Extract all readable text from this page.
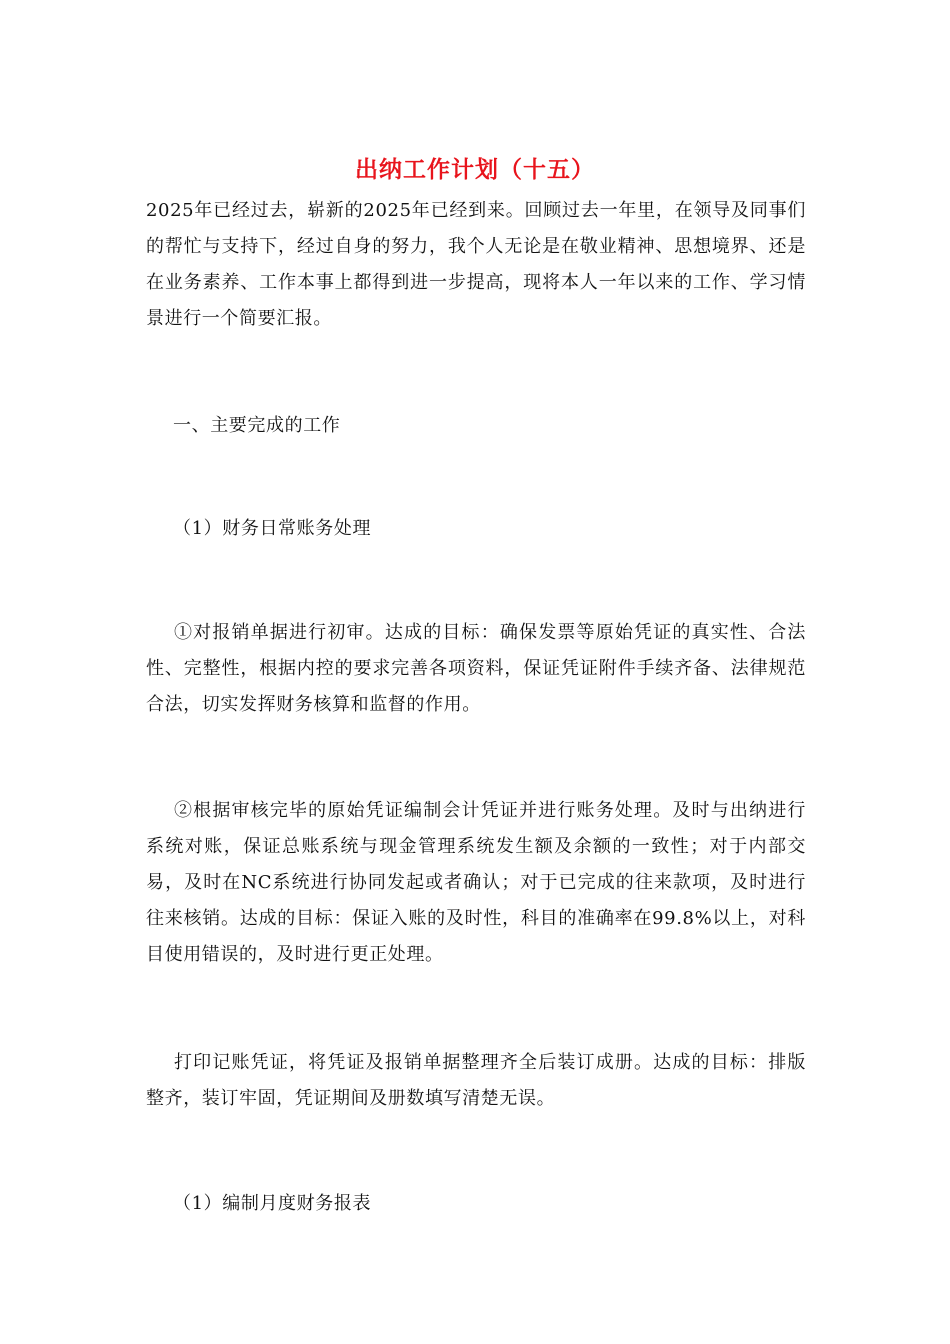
出纳工作计划（十五）

2025年已经过去，崭新的2025年已经到来。回顾过去一年里，在领导及同事们的帮忙与支持下，经过自身的努力，我个人无论是在敬业精神、思想境界、还是在业务素养、工作本事上都得到进一步提高，现将本人一年以来的工作、学习情景进行一个简要汇报。

一、主要完成的工作

（1）财务日常账务处理

①对报销单据进行初审。达成的目标：确保发票等原始凭证的真实性、合法性、完整性，根据内控的要求完善各项资料，保证凭证附件手续齐备、法律规范合法，切实发挥财务核算和监督的作用。

②根据审核完毕的原始凭证编制会计凭证并进行账务处理。及时与出纳进行系统对账，保证总账系统与现金管理系统发生额及余额的一致性；对于内部交易，及时在NC系统进行协同发起或者确认；对于已完成的往来款项，及时进行往来核销。达成的目标：保证入账的及时性，科目的准确率在99.8%以上，对科目使用错误的，及时进行更正处理。

打印记账凭证，将凭证及报销单据整理齐全后装订成册。达成的目标：排版整齐，装订牢固，凭证期间及册数填写清楚无误。

（1）编制月度财务报表
